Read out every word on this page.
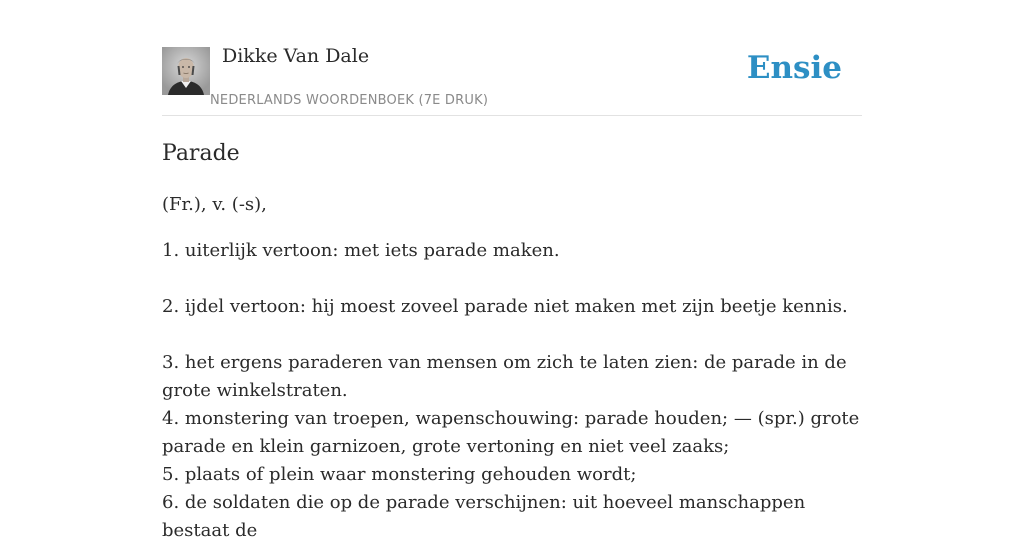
Dikke Van Dale
NEDERLANDS WOORDENBOEK (7E DRUK)
Ensie
Parade

(Fr.), v. (-s),

1. uiterlijk vertoon: met iets parade maken.
2. ijdel vertoon: hij moest zoveel parade niet maken met zijn beetje kennis.
3. het ergens paraderen van mensen om zich te laten zien: de parade in de grote winkelstraten.
4. monstering van troepen, wapenschouwing: parade houden; — (spr.) grote parade en klein garnizoen, grote vertoning en niet veel zaaks;
5. plaats of plein waar monstering gehouden wordt;
6. de soldaten die op de parade verschijnen: uit hoeveel manschappen bestaat de
